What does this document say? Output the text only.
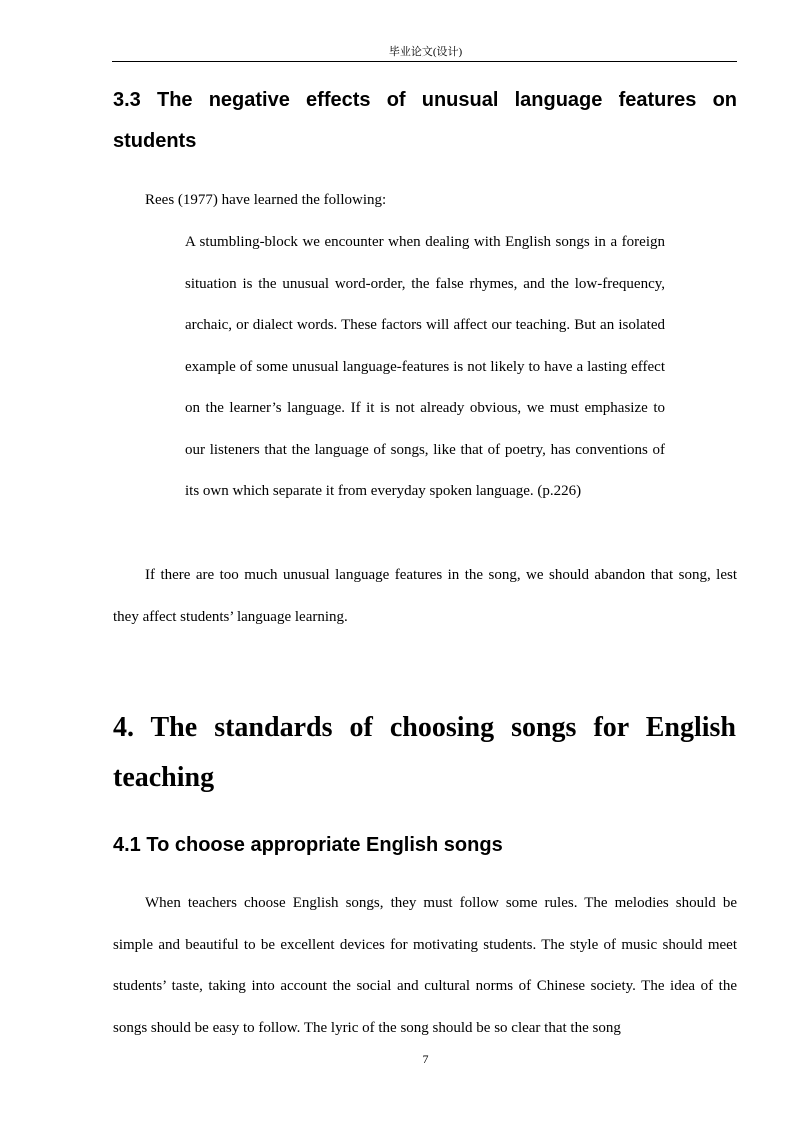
毕业论文(设计)
3.3 The negative effects of unusual language features on students

Rees (1977) have learned the following:

A stumbling-block we encounter when dealing with English songs in a foreign situation is the unusual word-order, the false rhymes, and the low-frequency, archaic, or dialect words. These factors will affect our teaching. But an isolated example of some unusual language-features is not likely to have a lasting effect on the learner’s language. If it is not already obvious, we must emphasize to our listeners that the language of songs, like that of poetry, has conventions of its own which separate it from everyday spoken language. (p.226)

If there are too much unusual language features in the song, we should abandon that song, lest they affect students’ language learning.

4. The standards of choosing songs for English teaching
4.1 To choose appropriate English songs

When teachers choose English songs, they must follow some rules. The melodies should be simple and beautiful to be excellent devices for motivating students. The style of music should meet students’ taste, taking into account the social and cultural norms of Chinese society. The idea of the songs should be easy to follow. The lyric of the song should be so clear that the song

7
